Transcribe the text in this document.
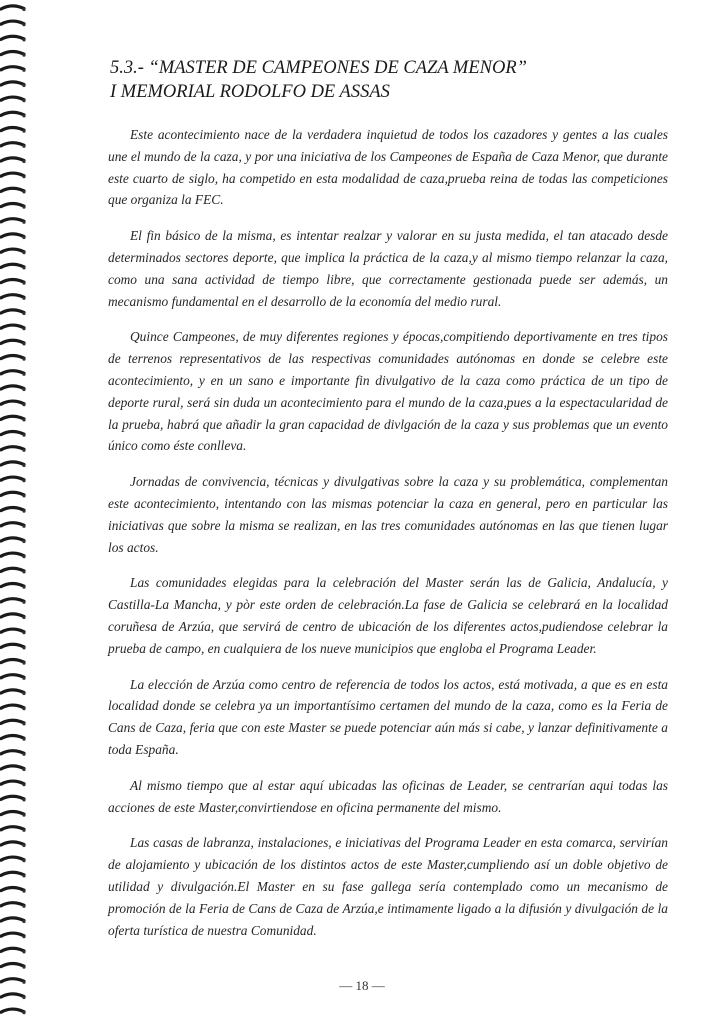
5.3.- “MASTER DE CAMPEONES DE CAZA MENOR”
I MEMORIAL RODOLFO DE ASSAS

Este acontecimiento nace de la verdadera inquietud de todos los cazadores y gentes a las cuales une el mundo de la caza, y por una iniciativa de los Campeones de España de Caza Menor, que durante este cuarto de siglo, ha competido en esta modalidad de caza,prueba reina de todas las competiciones que organiza la FEC.

El fin básico de la misma, es intentar realzar y valorar en su justa medida, el tan atacado desde determinados sectores deporte, que implica la práctica de la caza,y al mismo tiempo relanzar la caza, como una sana actividad de tiempo libre, que correctamente gestionada puede ser además, un mecanismo fundamental en el desarrollo de la economía del medio rural.

Quince Campeones, de muy diferentes regiones y épocas,compitiendo deportivamente en tres tipos de terrenos representativos de las respectivas comunidades autónomas en donde se celebre este acontecimiento, y en un sano e importante fin divulgativo de la caza como práctica de un tipo de deporte rural, será sin duda un acontecimiento para el mundo de la caza,pues a la espectacularidad de la prueba, habrá que añadir la gran capacidad de divlgación de la caza y sus problemas que un evento único como éste conlleva.

Jornadas de convivencia, técnicas y divulgativas sobre la caza y su problemática, complementan este acontecimiento, intentando con las mismas potenciar la caza en general, pero en particular las iniciativas que sobre la misma se realizan, en las tres comunidades autónomas en las que tienen lugar los actos.

Las comunidades elegidas para la celebración del Master serán las de Galicia, Andalucía, y Castilla-La Mancha, y pòr este orden de celebración.La fase de Galicia se celebrará en la localidad coruñesa de Arzúa, que servirá de centro de ubicación de los diferentes actos,pudiendose celebrar la prueba de campo, en cualquiera de los nueve municipios que engloba el Programa Leader.

La elección de Arzúa como centro de referencia de todos los actos, está motivada, a que es en esta localidad donde se celebra ya un importantísimo certamen del mundo de la caza, como es la Feria de Cans de Caza, feria que con este Master se puede potenciar aún más si cabe, y lanzar definitivamente a toda España.

Al mismo tiempo que al estar aquí ubicadas las oficinas de Leader, se centrarían aqui todas las acciones de este Master,convirtiendose en oficina permanente del mismo.

Las casas de labranza, instalaciones, e iniciativas del Programa Leader en esta comarca, servirían de alojamiento y ubicación de los distintos actos de este Master,cumpliendo así un doble objetivo de utilidad y divulgación.El Master en su fase gallega sería contemplado como un mecanismo de promoción de la Feria de Cans de Caza de Arzúa,e intimamente ligado a la difusión y divulgación de la oferta turística de nuestra Comunidad.

— 18 —
